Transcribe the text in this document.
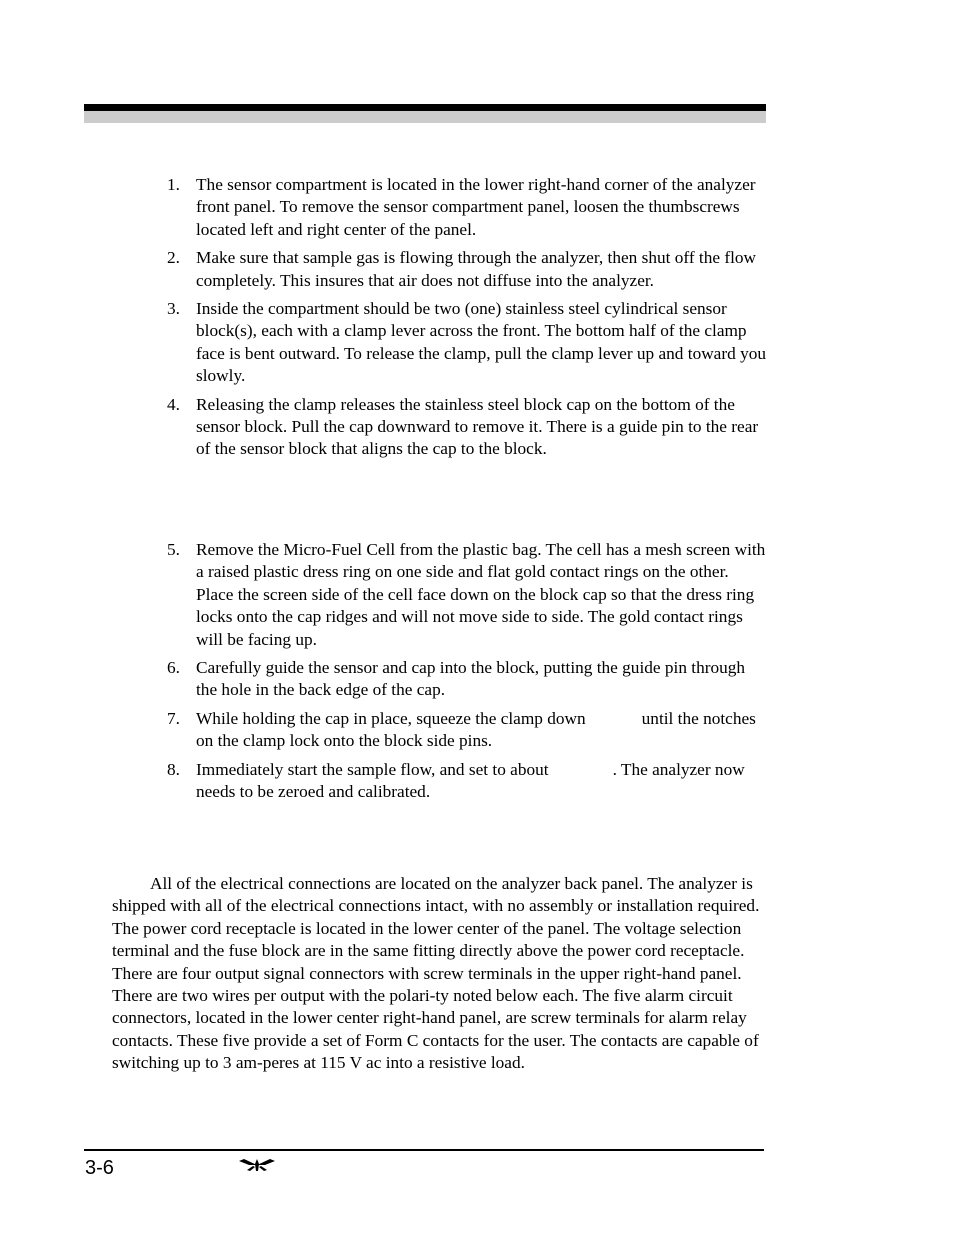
1. The sensor compartment is located in the lower right-hand corner of the analyzer front panel. To remove the sensor compartment panel, loosen the thumbscrews located left and right center of the panel.
2. Make sure that sample gas is flowing through the analyzer, then shut off the flow completely. This insures that air does not diffuse into the analyzer.
3. Inside the compartment should be two (one) stainless steel cylindrical sensor block(s), each with a clamp lever across the front. The bottom half of the clamp face is bent outward. To release the clamp, pull the clamp lever up and toward you slowly.
4. Releasing the clamp releases the stainless steel block cap on the bottom of the sensor block. Pull the cap downward to remove it. There is a guide pin to the rear of the sensor block that aligns the cap to the block.
5. Remove the Micro-Fuel Cell from the plastic bag. The cell has a mesh screen with a raised plastic dress ring on one side and flat gold contact rings on the other. Place the screen side of the cell face down on the block cap so that the dress ring locks onto the cap ridges and will not move side to side. The gold contact rings will be facing up.
6. Carefully guide the sensor and cap into the block, putting the guide pin through the hole in the back edge of the cap.
7. While holding the cap in place, squeeze the clamp down	until the notches on the clamp lock onto the block side pins.
8. Immediately start the sample flow, and set to about	. The analyzer now needs to be zeroed and calibrated.

All of the electrical connections are located on the analyzer back panel. The analyzer is shipped with all of the electrical connections intact, with no assembly or installation required. The power cord receptacle is located in the lower center of the panel. The voltage selection terminal and the fuse block are in the same fitting directly above the power cord receptacle. There are four output signal connectors with screw terminals in the upper right-hand panel. There are two wires per output with the polari-ty noted below each. The five alarm circuit connectors, located in the lower center right-hand panel, are screw terminals for alarm relay contacts. These five provide a set of Form C contacts for the user. The contacts are capable of switching up to 3 am-peres at 115 V ac into a resistive load.

3-6
